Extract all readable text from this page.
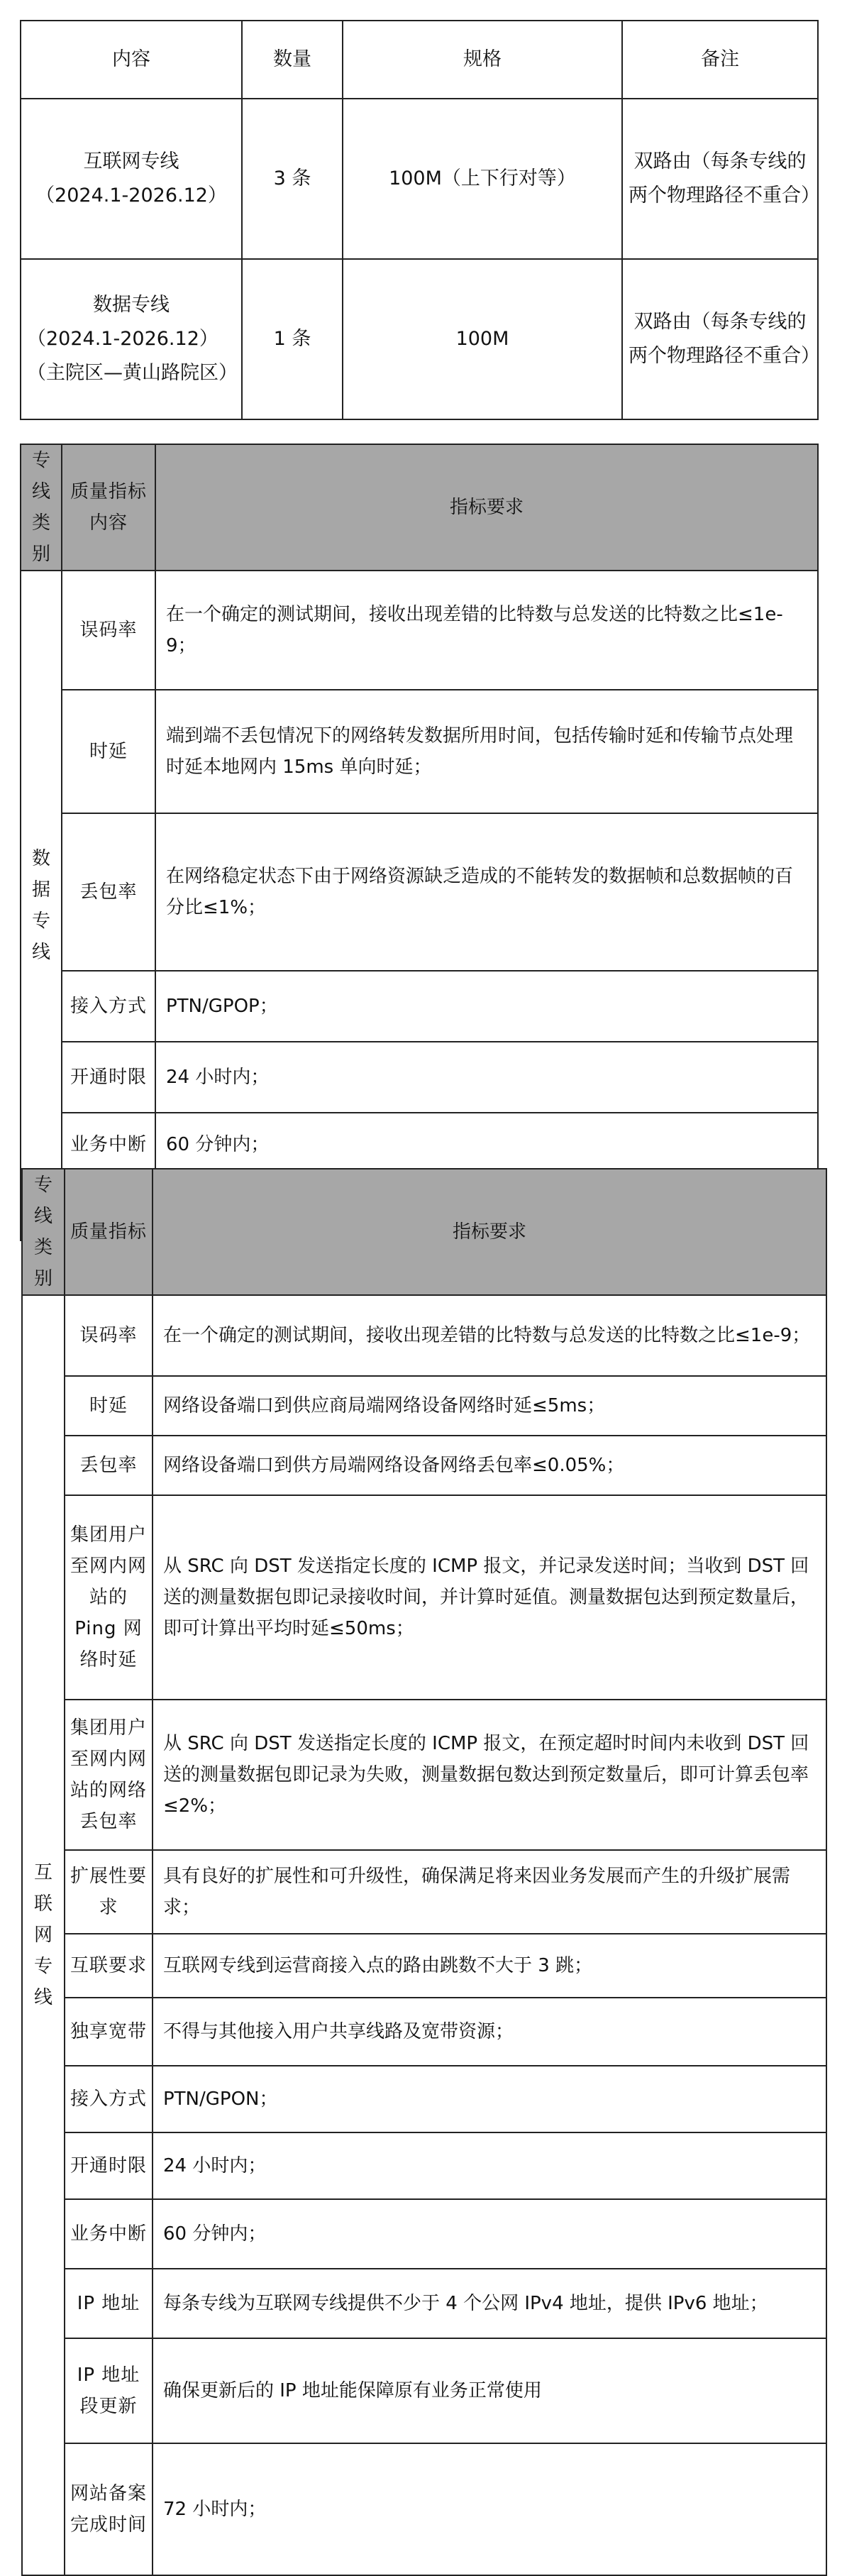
内容	数量	规格	备注

互联网专线
（2024.1-2026.12）	3 条	100M（上下行对等）	双路由（每条专线的两个物理路径不重合）

数据专线
（2024.1-2026.12）（主院区—黄山路院区）	1 条	100M	双路由（每条专线的两个物理路径不重合）
专线类别	质量指标内容	指标要求
数据专线	误码率	在一个确定的测试期间，接收出现差错的比特数与总发送的比特数之比≤1e-9；
	时延	端到端不丢包情况下的网络转发数据所用时间，包括传输时延和传输节点处理时延本地网内 15ms 单向时延；
	丢包率	在网络稳定状态下由于网络资源缺乏造成的不能转发的数据帧和总数据帧的百分比≤1%；
	接入方式	PTN/GPOP；
	开通时限	24 小时内；
	业务中断	60 分钟内；
	独享宽带	不得与其他接入用户共享线路及宽带资源；
专线类别	质量指标	指标要求
互联网专线	误码率	在一个确定的测试期间，接收出现差错的比特数与总发送的比特数之比≤1e-9；
	时延	网络设备端口到供应商局端网络设备网络时延≤5ms；
	丢包率	网络设备端口到供方局端网络设备网络丢包率≤0.05%；
	集团用户至网内网站的 Ping 网络时延	从 SRC 向 DST 发送指定长度的 ICMP 报文，并记录发送时间；当收到 DST 回送的测量数据包即记录接收时间，并计算时延值。测量数据包达到预定数量后，即可计算出平均时延≤50ms；
	集团用户至网内网站的网络丢包率	从 SRC 向 DST 发送指定长度的 ICMP 报文，在预定超时时间内未收到 DST 回送的测量数据包即记录为失败，测量数据包数达到预定数量后，即可计算丢包率≤2%；
	扩展性要求	具有良好的扩展性和可升级性，确保满足将来因业务发展而产生的升级扩展需求；
	互联要求	互联网专线到运营商接入点的路由跳数不大于 3 跳；
	独享宽带	不得与其他接入用户共享线路及宽带资源；
	接入方式	PTN/GPON；
	开通时限	24 小时内；
	业务中断	60 分钟内；
	IP 地址	每条专线为互联网专线提供不少于 4 个公网 IPv4 地址，提供 IPv6 地址；
	IP 地址段更新	确保更新后的 IP 地址能保障原有业务正常使用
	网站备案完成时间	72 小时内；
